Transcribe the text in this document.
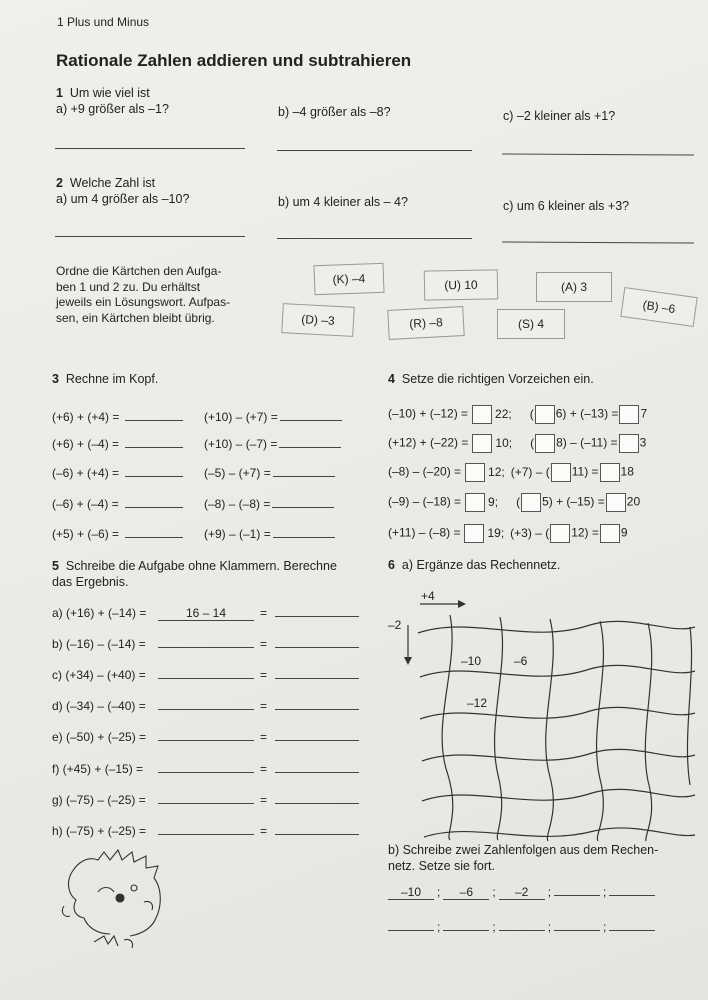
1 Plus und Minus
Rationale Zahlen addieren und subtrahieren
1 Um wie viel ist
a) +9 größer als –1?	b) –4 größer als –8?	c) –2 kleiner als +1?
2 Welche Zahl ist
a) um 4 größer als –10?	b) um 4 kleiner als – 4?	c) um 6 kleiner als +3?
Ordne die Kärtchen den Aufga-
ben 1 und 2 zu. Du erhältst
jeweils ein Lösungswort. Aufpas-
sen, ein Kärtchen bleibt übrig.
(K) –4	(U) 10	(A) 3
(B) –6
(D) –3	(R) –8	(S) 4
3 Rechne im Kopf.	4 Setze die richtigen Vorzeichen ein.
5 Schreibe die Aufgabe ohne Klammern. Berechne
das Ergebnis.
6 a) Ergänze das Rechennetz.
+4
–2
–10	–6
–12
b) Schreibe zwei Zahlenfolgen aus dem Rechen-
netz. Setze sie fort.
(+6) + (+4) =	(+10) – (+7) =
(+6) + (–4) =	(+10) – (–7) =
(–6) + (+4) =	(–5) – (+7) =
(–6) + (–4) =	(–8) – (–8) =
(+5) + (–6) =	(+9) – (–1) =
(–10) + (–12) = 22; ( 6) + (–13) = 7
(+12) + (–22) = 10; ( 8) – (–11) = 3
(–8) – (–20) = 12; (+7) – ( 11) = 18
(–9) – (–18) = 9; ( 5) + (–15) = 20
(+11) – (–8) = 19; (+3) – ( 12) = 9
a) (+16) + (–14) =	16 – 14	=
b) (–16) – (–14) =	=
c) (+34) – (+40) =	=
d) (–34) – (–40) =	=
e) (–50) + (–25) =	=
f) (+45) + (–15) =	=
g) (–75) – (–25) =	=
h) (–75) + (–25) =	=
–10 ; –6 ; –2 ;	;
;	;	;	;
